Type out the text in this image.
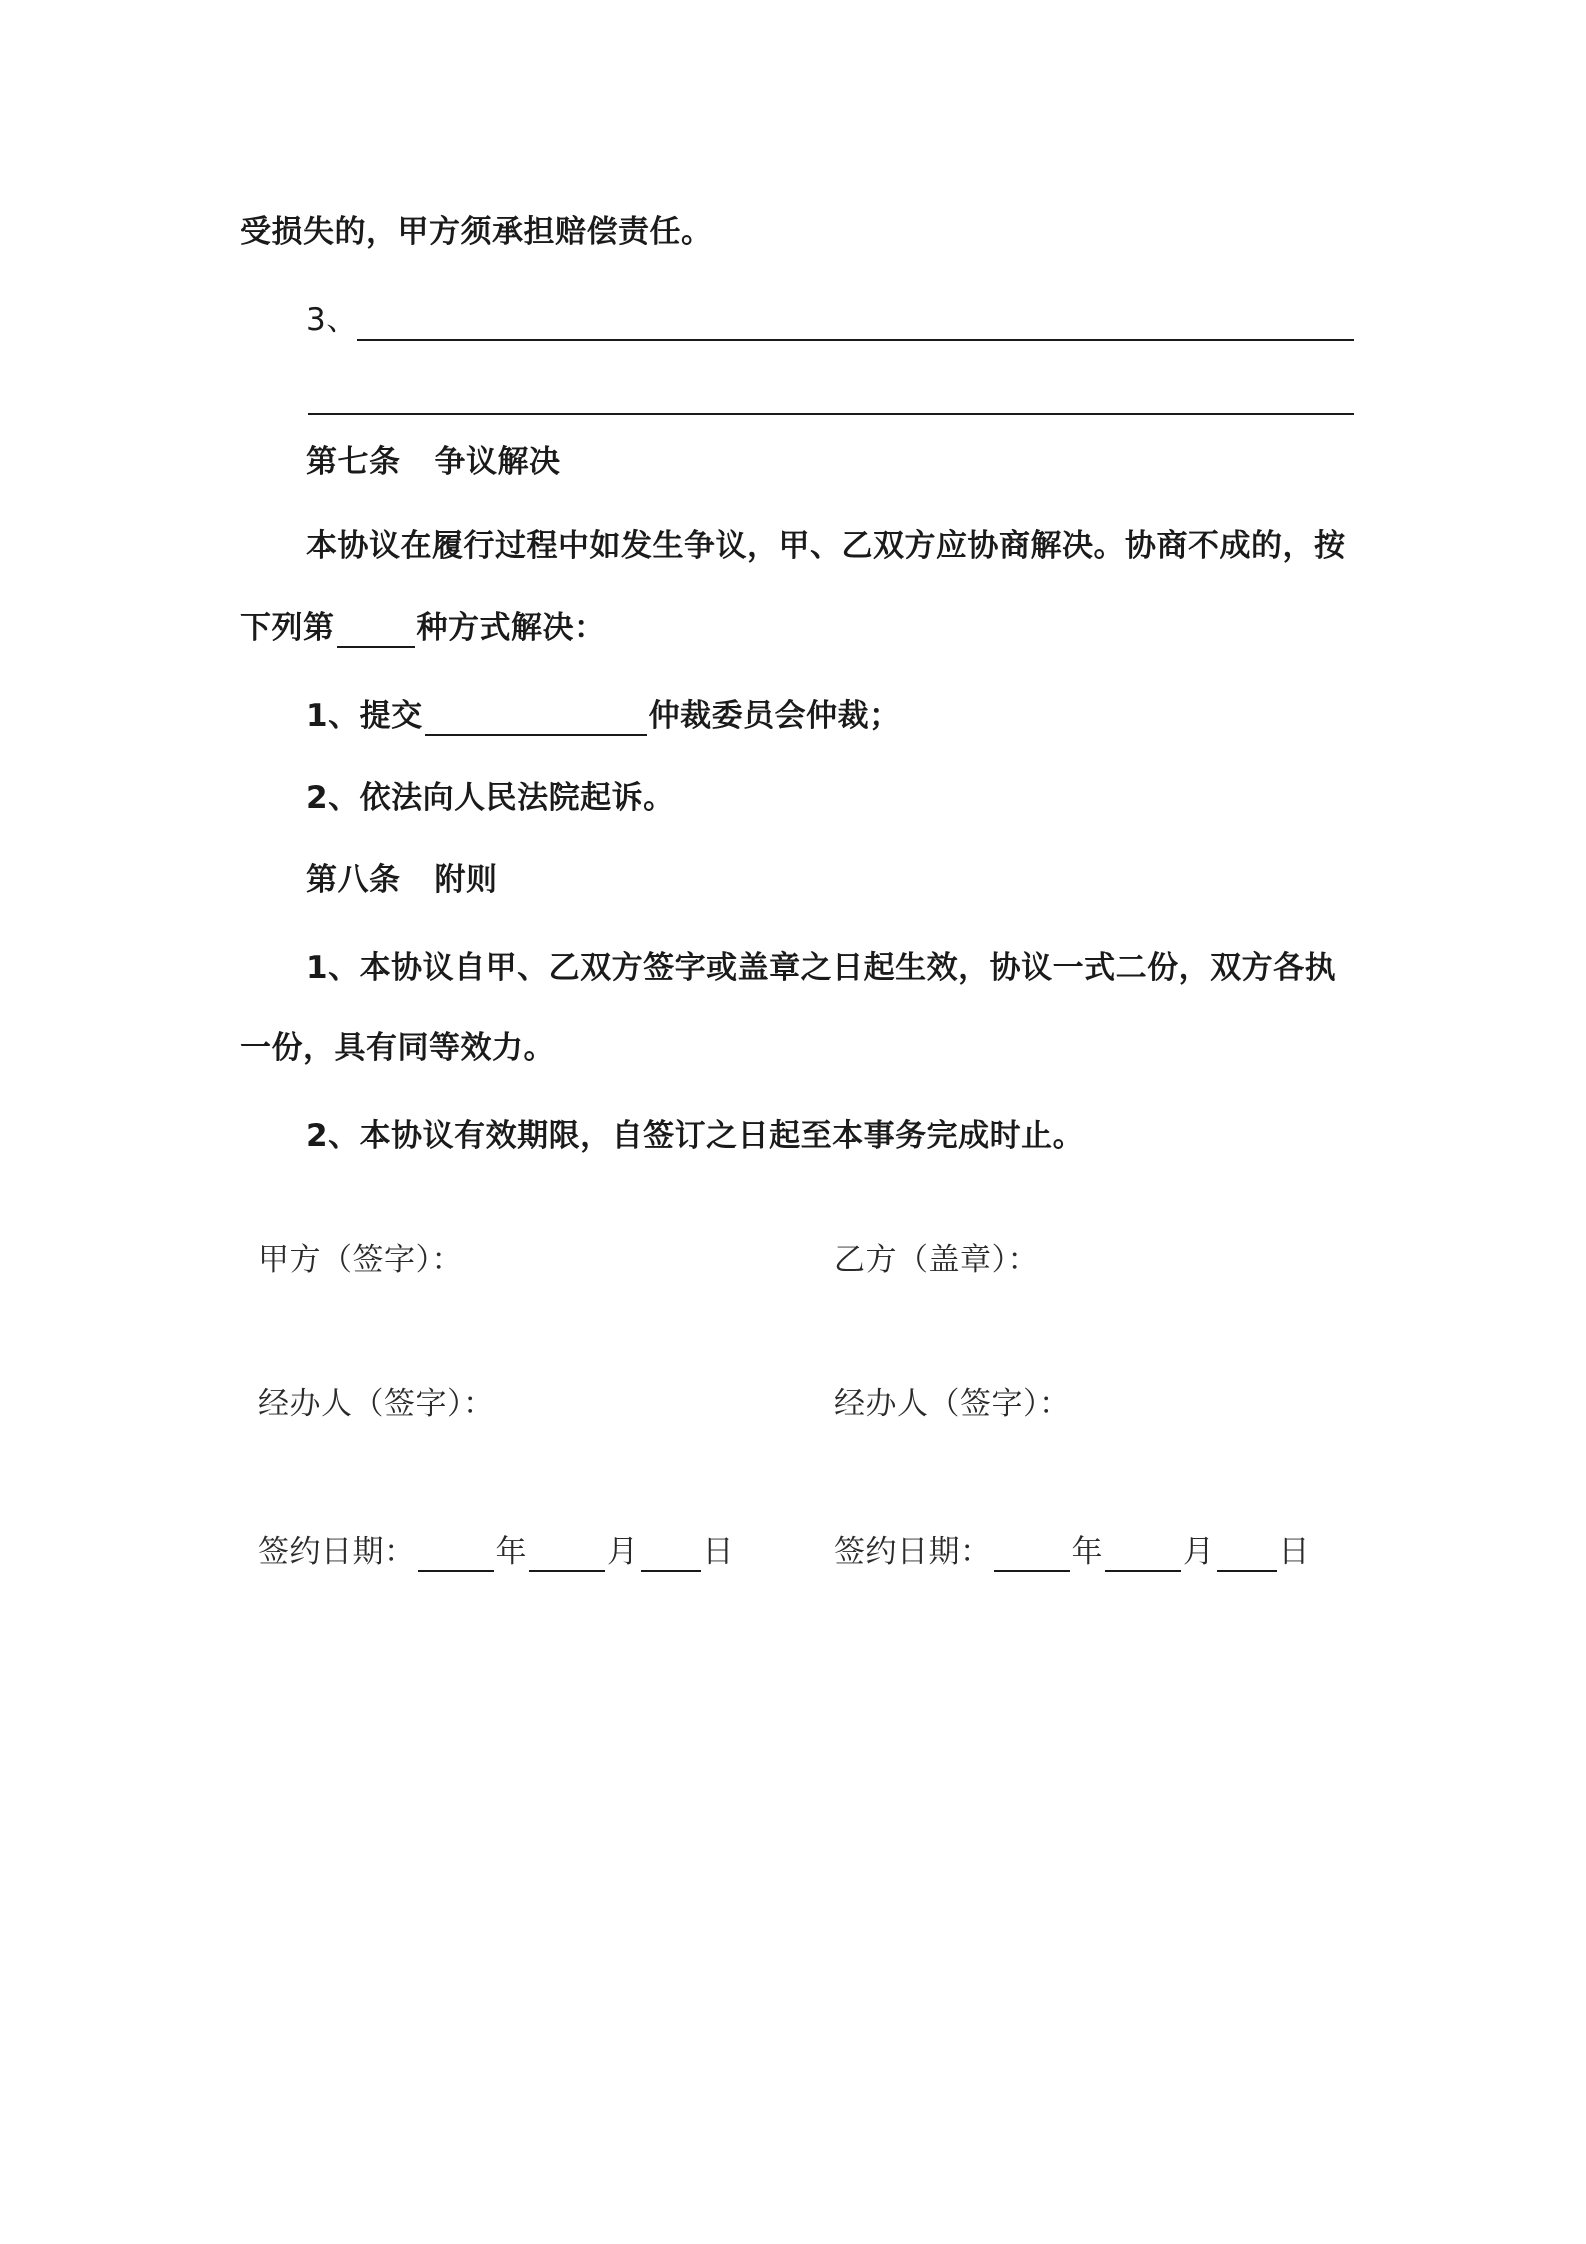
受损失的，甲方须承担赔偿责任。
3、
第七条 争议解决
本协议在履行过程中如发生争议，甲、乙双方应协商解决。协商不成的，按
下列第	种方式解决：
1、提交	仲裁委员会仲裁；
2、依法向人民法院起诉。
第八条 附则
1、本协议自甲、乙双方签字或盖章之日起生效，协议一式二份，双方各执
一份，具有同等效力。
2、本协议有效期限，自签订之日起至本事务完成时止。
甲方（签字）：	乙方（盖章）：
经办人（签字）：	经办人（签字）：
签约日期：	年	月 日	签约日期：	年	月 日
